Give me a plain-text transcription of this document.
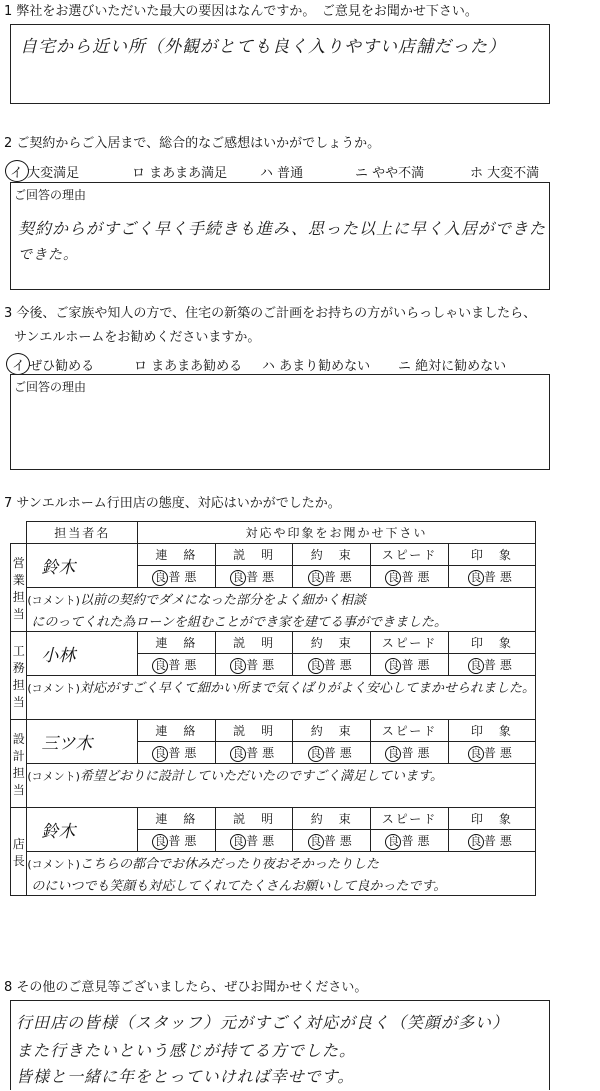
1 弊社をお選びいただいた最大の要因はなんですか。　ご意見をお聞かせ下さい。
自宅から近い所（外観がとても良く入りやすい店舗だった）
2 ご契約からご入居まで、総合的なご感想はいかがでしょうか。
イ 大変満足	ロ まあまあ満足	ハ 普通	ニ やや不満	ホ 大変不満
ご回答の理由
契約からがすごく早く手続きも進み、思った以上に早く入居ができた
できた。
3 今後、ご家族や知人の方で、住宅の新築のご計画をお持ちの方がいらっしゃいましたら、
サンエルホームをお勧めくださいますか。
イ ぜひ勧める	ロ まあまあ勧める ハ あまり勧めない ニ 絶対に勧めない
ご回答の理由
7 サンエルホーム行田店の態度、対応はいかがでしたか。
	担当者名	対応や印象をお聞かせ下さい				
営業担当	鈴木	連　絡	説　明	約　束	スピード	印　象
		良 普悪	良 普悪	良 普悪	良 普悪	良 普悪
	(コメント)以前の契約でダメになった部分をよく細かく相談					
	にのってくれた為ローンを組むことができ家を建てる事ができました。					
工務担当	小林	連　絡	説　明	約　束	スピード	印　象
		良 普悪	良 普悪	良 普悪	良 普悪	良 普悪
	(コメント)対応がすごく早くて細かい所まで気くばりがよく安心してまかせられました。					

設計担当	三ツ木	連　絡	説　明	約　束	スピード	印　象
		良 普悪	良 普悪	良 普悪	良 普悪	良 普悪
	(コメント)希望どおりに設計していただいたのですごく満足しています。					

店長	鈴木	連　絡	説　明	約　束	スピード	印　象
		良 普悪	良 普悪	良 普悪	良 普悪	良 普悪
	(コメント)こちらの都合でお休みだったり夜おそかったりした					
	のにいつでも笑顔も対応してくれてたくさんお願いして良かったです。					
8 その他のご意見等ございましたら、ぜひお聞かせください。
行田店の皆様（スタッフ）元がすごく対応が良く（笑顔が多い）
また行きたいという感じが持てる方でした。
皆様と一緒に年をとっていければ幸せです。
